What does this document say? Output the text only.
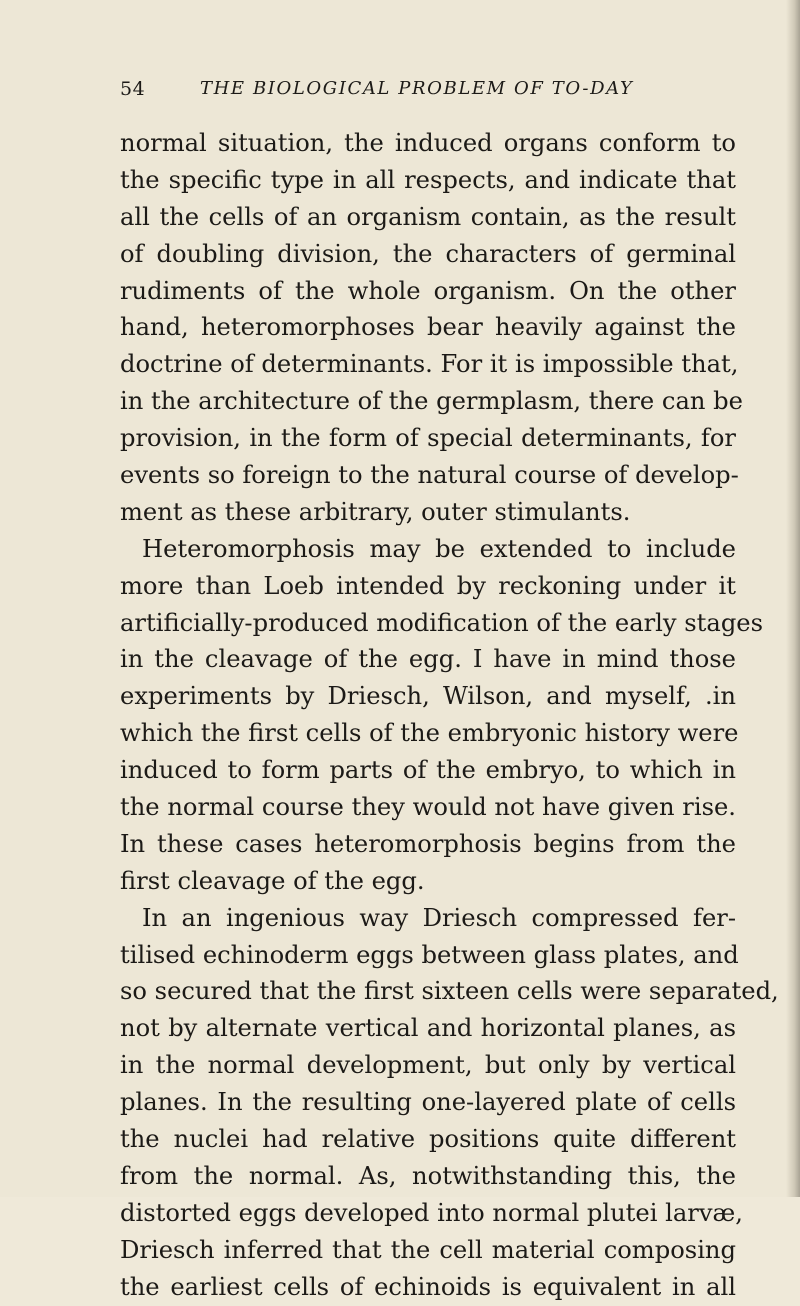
54	THE BIOLOGICAL PROBLEM OF TO-DAY
normal situation, the induced organs conform to
the specific type in all respects, and indicate that
all the cells of an organism contain, as the result
of doubling division, the characters of germinal
rudiments of the whole organism. On the other
hand, heteromorphoses bear heavily against the
doctrine of determinants. For it is impossible that,
in the architecture of the germplasm, there can be
provision, in the form of special determinants, for
events so foreign to the natural course of develop-
ment as these arbitrary, outer stimulants.
Heteromorphosis may be extended to include
more than Loeb intended by reckoning under it
artificially-produced modification of the early stages
in the cleavage of the egg. I have in mind those
experiments by Driesch, Wilson, and myself, .in
which the first cells of the embryonic history were
induced to form parts of the embryo, to which in
the normal course they would not have given rise.
In these cases heteromorphosis begins from the
first cleavage of the egg.
In an ingenious way Driesch compressed fer-
tilised echinoderm eggs between glass plates, and
so secured that the first sixteen cells were separated,
not by alternate vertical and horizontal planes, as
in the normal development, but only by vertical
planes. In the resulting one-layered plate of cells
the nuclei had relative positions quite different
from the normal. As, notwithstanding this, the
distorted eggs developed into normal plutei larvæ,
Driesch inferred that the cell material composing
the earliest cells of echinoids is equivalent in all
